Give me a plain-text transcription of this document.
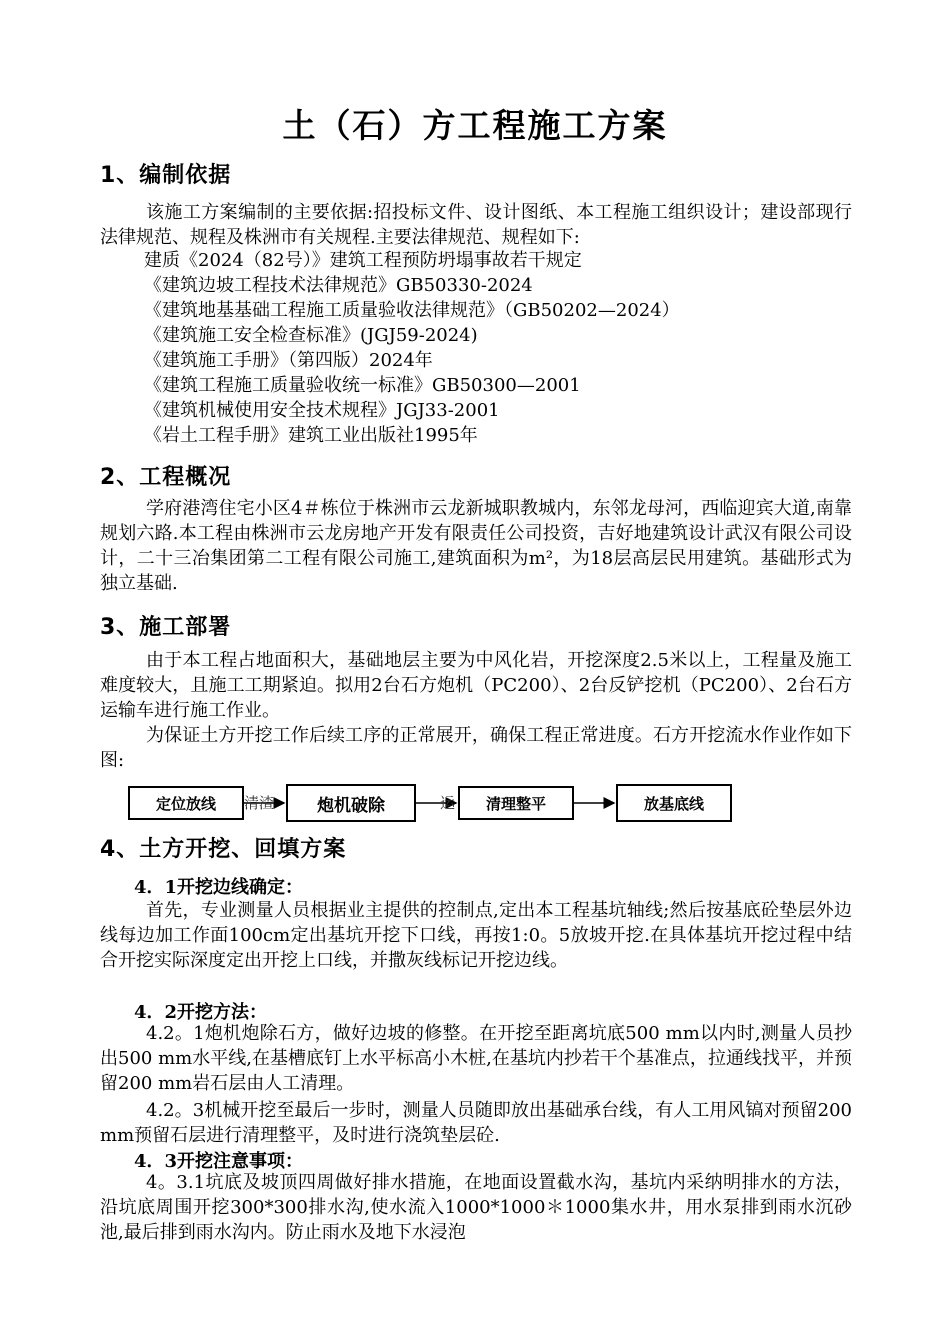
土（石）方工程施工方案
1、编制依据
该施工方案编制的主要依据:招投标文件、设计图纸、本工程施工组织设计；建设部现行法律规范、规程及株洲市有关规程.主要法律规范、规程如下:
建质《2024（82号）》建筑工程预防坍塌事故若干规定
《建筑边坡工程技术法律规范》GB50330-2024
《建筑地基基础工程施工质量验收法律规范》（GB50202—2024）
《建筑施工安全检查标准》(JGJ59-2024)
《建筑施工手册》（第四版）2024年
《建筑工程施工质量验收统一标准》GB50300—2001
《建筑机械使用安全技术规程》JGJ33-2001
《岩土工程手册》建筑工业出版社1995年
2、工程概况
学府港湾住宅小区4＃栋位于株洲市云龙新城职教城内，东邻龙母河，西临迎宾大道,南靠规划六路.本工程由株洲市云龙房地产开发有限责任公司投资，吉好地建筑设计武汉有限公司设计，二十三冶集团第二工程有限公司施工,建筑面积为m²，为18层高层民用建筑。基础形式为独立基础.
3、施工部署
由于本工程占地面积大，基础地层主要为中风化岩，开挖深度2.5米以上，工程量及施工难度较大，且施工工期紧迫。拟用2台石方炮机（PC200）、2台反铲挖机（PC200）、2台石方运输车进行施工作业。
为保证土方开挖工作后续工序的正常展开，确保工程正常进度。石方开挖流水作业作如下图:
定位放线	清渣	炮机破除	运	清理整平	放基底线
4、土方开挖、回填方案
4．1开挖边线确定：
首先，专业测量人员根据业主提供的控制点,定出本工程基坑轴线;然后按基底砼垫层外边线每边加工作面100cm定出基坑开挖下口线，再按1:0。5放坡开挖.在具体基坑开挖过程中结合开挖实际深度定出开挖上口线，并撒灰线标记开挖边线。
4．2开挖方法：
4.2。1炮机炮除石方，做好边坡的修整。在开挖至距离坑底500 mm以内时,测量人员抄出500 mm水平线,在基槽底钉上水平标高小木桩,在基坑内抄若干个基准点，拉通线找平，并预留200 mm岩石层由人工清理。
4.2。3机械开挖至最后一步时，测量人员随即放出基础承台线，有人工用风镐对预留200 mm预留石层进行清理整平，及时进行浇筑垫层砼.
4．3开挖注意事项：
4。3.1坑底及坡顶四周做好排水措施，在地面设置截水沟，基坑内采纳明排水的方法，沿坑底周围开挖300*300排水沟,使水流入1000*1000＊1000集水井，用水泵排到雨水沉砂池,最后排到雨水沟内。防止雨水及地下水浸泡
